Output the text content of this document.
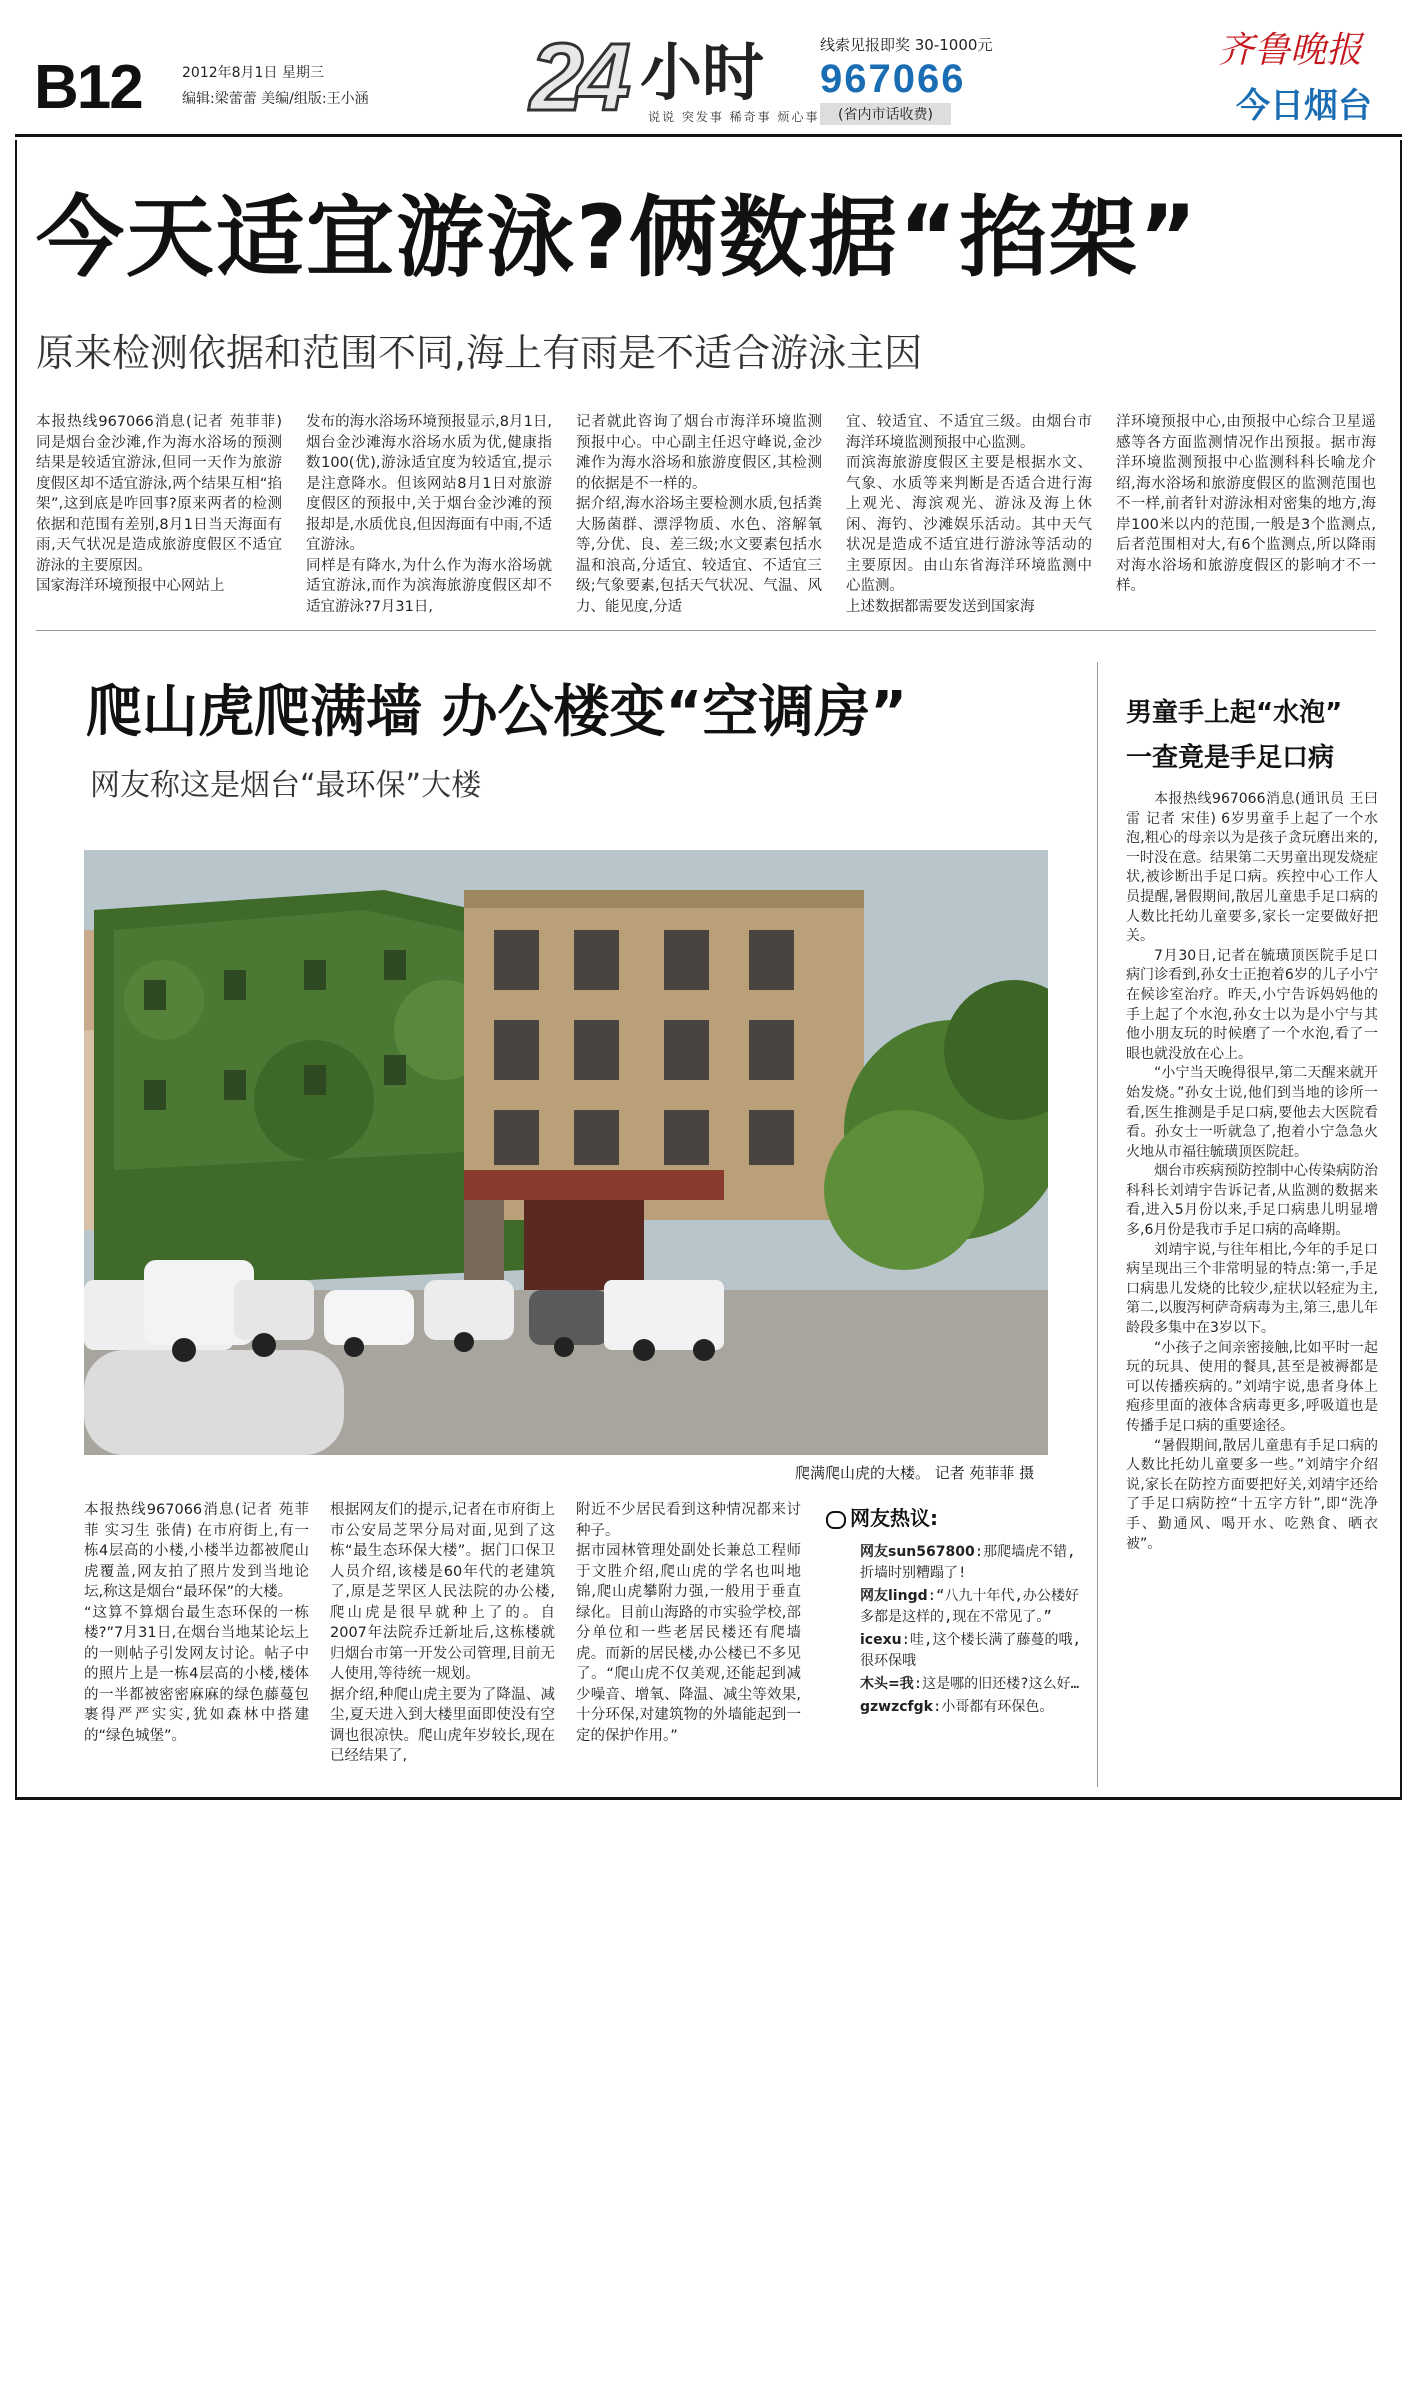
B12	2012年8月1日 星期三
编辑:梁蕾蕾 美编/组版:王小涵 24 小时
说说 突发事 稀奇事 烦心事
线索见报即奖 30-1000元
967066
(省内市话收费)
齐鲁晚报
今日烟台
今天适宜游泳?俩数据“掐架”
原来检测依据和范围不同,海上有雨是不适合游泳主因
本报热线967066消息(记者 苑菲菲) 同是烟台金沙滩,作为海水浴场的预测结果是较适宜游泳,但同一天作为旅游度假区却不适宜游泳,两个结果互相“掐架”,这到底是咋回事?原来两者的检测依据和范围有差别,8月1日当天海面有雨,天气状况是造成旅游度假区不适宜游泳的主要原因。
国家海洋环境预报中心网站上
发布的海水浴场环境预报显示,8月1日,烟台金沙滩海水浴场水质为优,健康指数100(优),游泳适宜度为较适宜,提示是注意降水。但该网站8月1日对旅游度假区的预报中,关于烟台金沙滩的预报却是,水质优良,但因海面有中雨,不适宜游泳。
同样是有降水,为什么作为海水浴场就适宜游泳,而作为滨海旅游度假区却不适宜游泳?7月31日,
记者就此咨询了烟台市海洋环境监测预报中心。中心副主任迟守峰说,金沙滩作为海水浴场和旅游度假区,其检测的依据是不一样的。
据介绍,海水浴场主要检测水质,包括粪大肠菌群、漂浮物质、水色、溶解氧等,分优、良、差三级;水文要素包括水温和浪高,分适宜、较适宜、不适宜三级;气象要素,包括天气状况、气温、风力、能见度,分适
宜、较适宜、不适宜三级。由烟台市海洋环境监测预报中心监测。
而滨海旅游度假区主要是根据水文、气象、水质等来判断是否适合进行海上观光、海滨观光、游泳及海上休闲、海钓、沙滩娱乐活动。其中天气状况是造成不适宜进行游泳等活动的主要原因。由山东省海洋环境监测中心监测。
上述数据都需要发送到国家海
洋环境预报中心,由预报中心综合卫星遥感等各方面监测情况作出预报。据市海洋环境监测预报中心监测科科长喻龙介绍,海水浴场和旅游度假区的监测范围也不一样,前者针对游泳相对密集的地方,海岸100米以内的范围,一般是3个监测点,后者范围相对大,有6个监测点,所以降雨对海水浴场和旅游度假区的影响才不一样。
爬山虎爬满墙 办公楼变“空调房”
网友称这是烟台“最环保”大楼
爬满爬山虎的大楼。 记者 苑菲菲 摄
本报热线967066消息(记者 苑菲菲 实习生 张倩) 在市府街上,有一栋4层高的小楼,小楼半边都被爬山虎覆盖,网友拍了照片发到当地论坛,称这是烟台“最环保”的大楼。
“这算不算烟台最生态环保的一栋楼?”7月31日,在烟台当地某论坛上的一则帖子引发网友讨论。帖子中的照片上是一栋4层高的小楼,楼体的一半都被密密麻麻的绿色藤蔓包裹得严严实实,犹如森林中搭建的“绿色城堡”。
根据网友们的提示,记者在市府街上市公安局芝罘分局对面,见到了这栋“最生态环保大楼”。据门口保卫人员介绍,该楼是60年代的老建筑了,原是芝罘区人民法院的办公楼,爬山虎是很早就种上了的。自2007年法院乔迁新址后,这栋楼就归烟台市第一开发公司管理,目前无人使用,等待统一规划。
据介绍,种爬山虎主要为了降温、减尘,夏天进入到大楼里面即使没有空调也很凉快。爬山虎年岁较长,现在已经结果了,
附近不少居民看到这种情况都来讨种子。
据市园林管理处副处长兼总工程师于文胜介绍,爬山虎的学名也叫地锦,爬山虎攀附力强,一般用于垂直绿化。目前山海路的市实验学校,部分单位和一些老居民楼还有爬墙虎。而新的居民楼,办公楼已不多见了。“爬山虎不仅美观,还能起到减少噪音、增氧、降温、减尘等效果,十分环保,对建筑物的外墙能起到一定的保护作用。”
网友热议:

网友sun567800:那爬墙虎不错,折墙时别糟蹋了!

网友lingd:“八九十年代,办公楼好多都是这样的,现在不常见了。”

icexu:哇,这个楼长满了藤蔓的哦,很环保哦

木头=我:这是哪的旧还楼?这么好…

gzwzcfgk:小哥都有环保色。

男童手上起“水泡”
一查竟是手足口病

本报热线967066消息(通讯员 王曰雷 记者 宋佳) 6岁男童手上起了一个水泡,粗心的母亲以为是孩子贪玩磨出来的,一时没在意。结果第二天男童出现发烧症状,被诊断出手足口病。疾控中心工作人员提醒,暑假期间,散居儿童患手足口病的人数比托幼儿童要多,家长一定要做好把关。

7月30日,记者在毓璜顶医院手足口病门诊看到,孙女士正抱着6岁的儿子小宁在候诊室治疗。昨天,小宁告诉妈妈他的手上起了个水泡,孙女士以为是小宁与其他小朋友玩的时候磨了一个水泡,看了一眼也就没放在心上。

“小宁当天晚得很早,第二天醒来就开始发烧。”孙女士说,他们到当地的诊所一看,医生推测是手足口病,要他去大医院看看。孙女士一听就急了,抱着小宁急急火火地从市福往毓璜顶医院赶。

烟台市疾病预防控制中心传染病防治科科长刘靖宇告诉记者,从监测的数据来看,进入5月份以来,手足口病患儿明显增多,6月份是我市手足口病的高峰期。

刘靖宇说,与往年相比,今年的手足口病呈现出三个非常明显的特点:第一,手足口病患儿发烧的比较少,症状以轻症为主,第二,以腹泻柯萨奇病毒为主,第三,患儿年龄段多集中在3岁以下。

“小孩子之间亲密接触,比如平时一起玩的玩具、使用的餐具,甚至是被褥都是可以传播疾病的。”刘靖宇说,患者身体上疱疹里面的液体含病毒更多,呼吸道也是传播手足口病的重要途径。

“暑假期间,散居儿童患有手足口病的人数比托幼儿童要多一些。”刘靖宇介绍说,家长在防控方面要把好关,刘靖宇还给了手足口病防控“十五字方针”,即“洗净手、勤通风、喝开水、吃熟食、晒衣被”。
